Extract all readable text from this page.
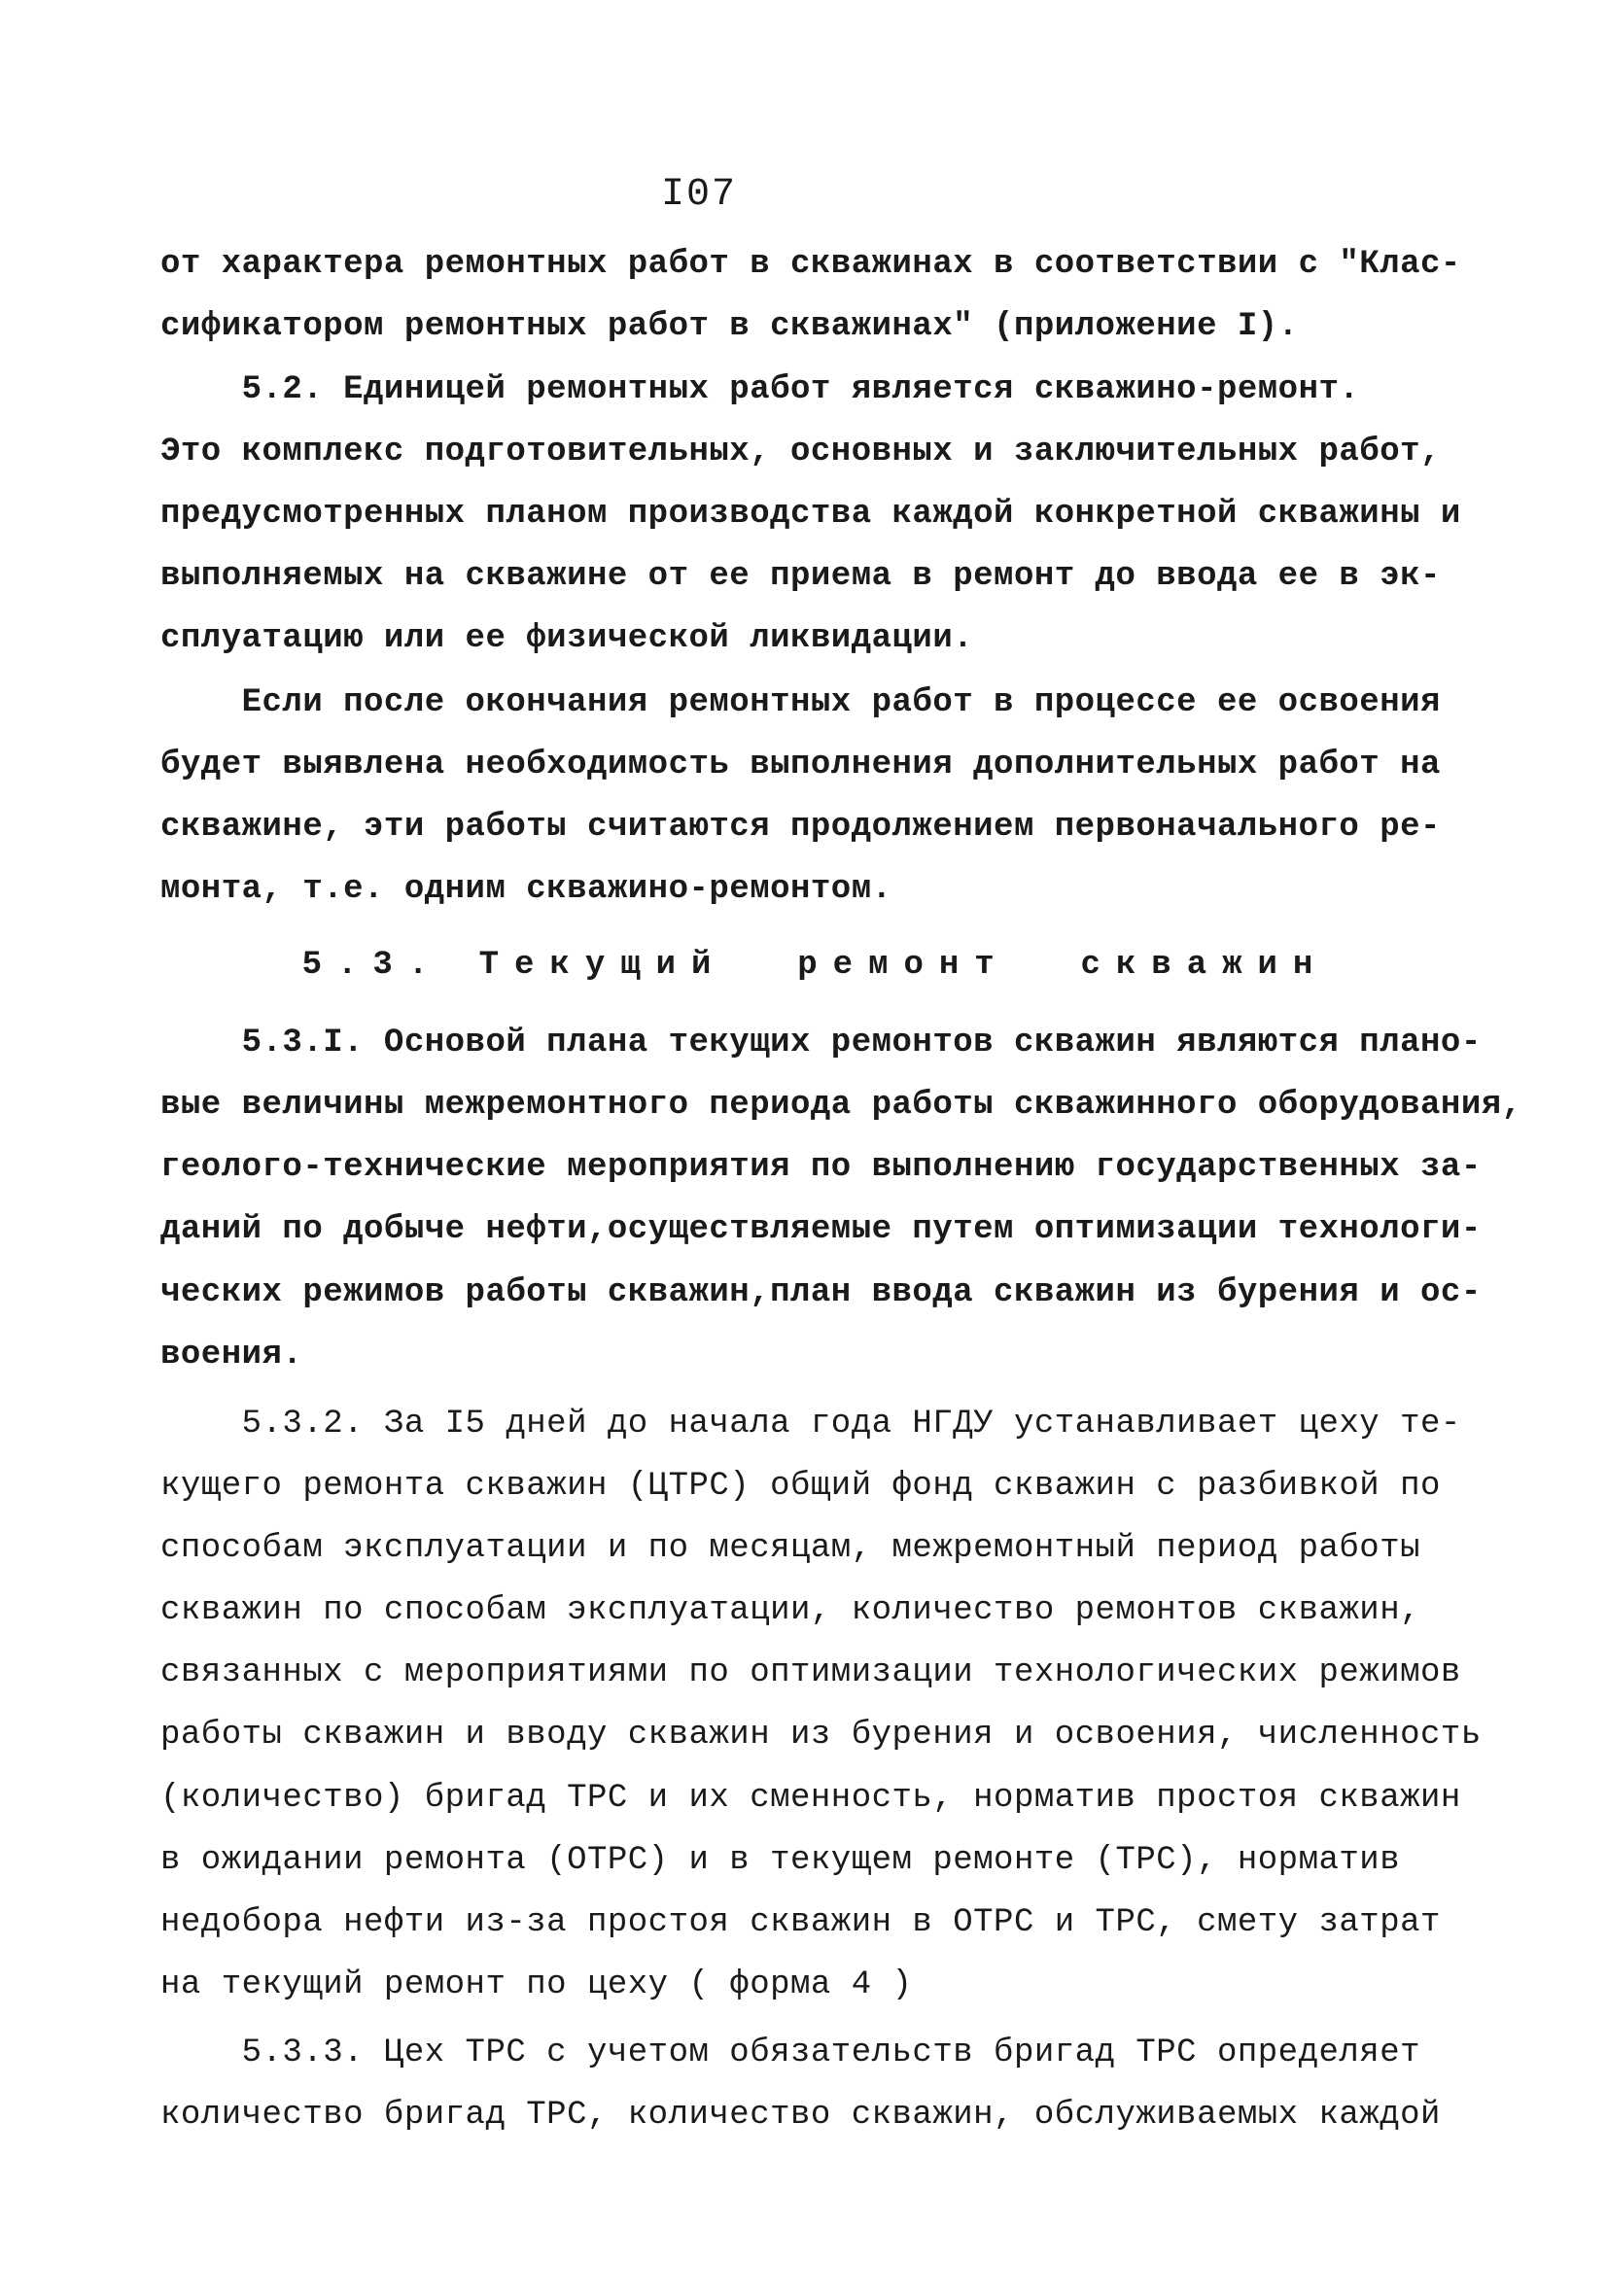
I07
от характера ремонтных работ в скважинах в соответствии с "Клас-
сификатором ремонтных работ в скважинах" (приложение I).
5.2. Единицей ремонтных работ является скважино-ремонт.
Это комплекс подготовительных, основных и заключительных работ,
предусмотренных планом производства каждой конкретной скважины и
выполняемых на скважине от ее приема в ремонт до ввода ее в эк-
сплуатацию или ее физической ликвидации.
Если после окончания ремонтных работ в процессе ее освоения
будет выявлена необходимость выполнения дополнительных работ на
скважине, эти работы считаются продолжением первоначального ре-
монта, т.е. одним скважино-ремонтом.
5.3. Текущий  ремонт  скважин
5.3.I. Основой плана текущих ремонтов скважин являются плано-
вые величины межремонтного периода работы скважинного оборудования,
геолого-технические мероприятия по выполнению государственных за-
даний по добыче нефти,осуществляемые путем оптимизации технологи-
ческих режимов работы скважин,план ввода скважин из бурения и ос-
воения.
5.3.2. За I5 дней до начала года НГДУ устанавливает цеху те-
кущего ремонта скважин (ЦТРС) общий фонд скважин с разбивкой по
способам эксплуатации и по месяцам, межремонтный период работы
скважин по способам эксплуатации, количество ремонтов скважин,
связанных с мероприятиями по оптимизации технологических режимов
работы скважин и вводу скважин из бурения и освоения, численность
(количество) бригад ТРС и их сменность, норматив простоя скважин
в ожидании ремонта (ОТРС) и в текущем ремонте (ТРС), норматив
недобора нефти из-за простоя скважин в ОТРС и ТРС, смету затрат
на текущий ремонт по цеху ( форма 4 )
5.3.3. Цех ТРС с учетом обязательств бригад ТРС определяет
количество бригад ТРС, количество скважин, обслуживаемых каждой
